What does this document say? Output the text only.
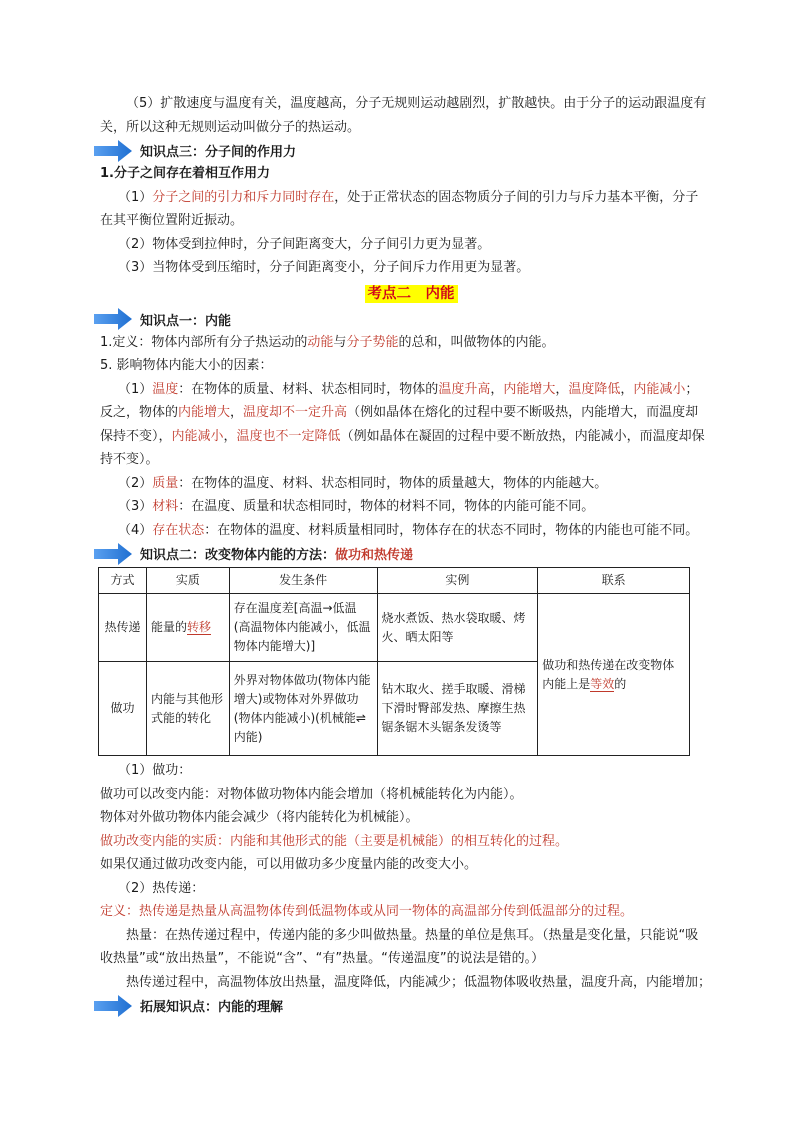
（5）扩散速度与温度有关，温度越高，分子无规则运动越剧烈，扩散越快。由于分子的运动跟温度有

关，所以这种无规则运动叫做分子的热运动。

知识点三：分子间的作用力

1.分子之间存在着相互作用力

（1）分子之间的引力和斥力同时存在，处于正常状态的固态物质分子间的引力与斥力基本平衡，分子

在其平衡位置附近振动。

（2）物体受到拉伸时，分子间距离变大，分子间引力更为显著。

（3）当物体受到压缩时，分子间距离变小，分子间斥力作用更为显著。

考点二　内能
知识点一：内能

1.定义：物体内部所有分子热运动的动能与分子势能的总和，叫做物体的内能。

5. 影响物体内能大小的因素：

（1）温度：在物体的质量、材料、状态相同时，物体的温度升高，内能增大，温度降低，内能减小；

反之，物体的内能增大，温度却不一定升高（例如晶体在熔化的过程中要不断吸热，内能增大，而温度却

保持不变），内能减小，温度也不一定降低（例如晶体在凝固的过程中要不断放热，内能减小，而温度却保

持不变）。

（2）质量：在物体的温度、材料、状态相同时，物体的质量越大，物体的内能越大。

（3）材料：在温度、质量和状态相同时，物体的材料不同，物体的内能可能不同。

（4）存在状态：在物体的温度、材料质量相同时，物体存在的状态不同时，物体的内能也可能不同。

知识点二：改变物体内能的方法：做功和热传递
方式	实质	发生条件	实例	联系
热传递	能量的转移	存在温度差[高温→低温(高温物体内能减小，低温物体内能增大)]	烧水煮饭、热水袋取暖、烤火、晒太阳等	做功和热传递在改变物体内能上是等效的
做功	内能与其他形式能的转化	外界对物体做功(物体内能增大)或物体对外界做功(物体内能减小)(机械能⇌内能)	钻木取火、搓手取暖、滑梯下滑时臀部发热、摩擦生热锯条锯木头锯条发烫等	

（1）做功：

做功可以改变内能：对物体做功物体内能会增加（将机械能转化为内能）。

物体对外做功物体内能会减少（将内能转化为机械能）。

做功改变内能的实质：内能和其他形式的能（主要是机械能）的相互转化的过程。

如果仅通过做功改变内能，可以用做功多少度量内能的改变大小。

（2）热传递：

定义：热传递是热量从高温物体传到低温物体或从同一物体的高温部分传到低温部分的过程。

热量：在热传递过程中，传递内能的多少叫做热量。热量的单位是焦耳。（热量是变化量，只能说“吸

收热量”或“放出热量”，不能说“含”、“有”热量。“传递温度”的说法是错的。）

热传递过程中，高温物体放出热量，温度降低，内能减少；低温物体吸收热量，温度升高，内能增加；

拓展知识点：内能的理解
